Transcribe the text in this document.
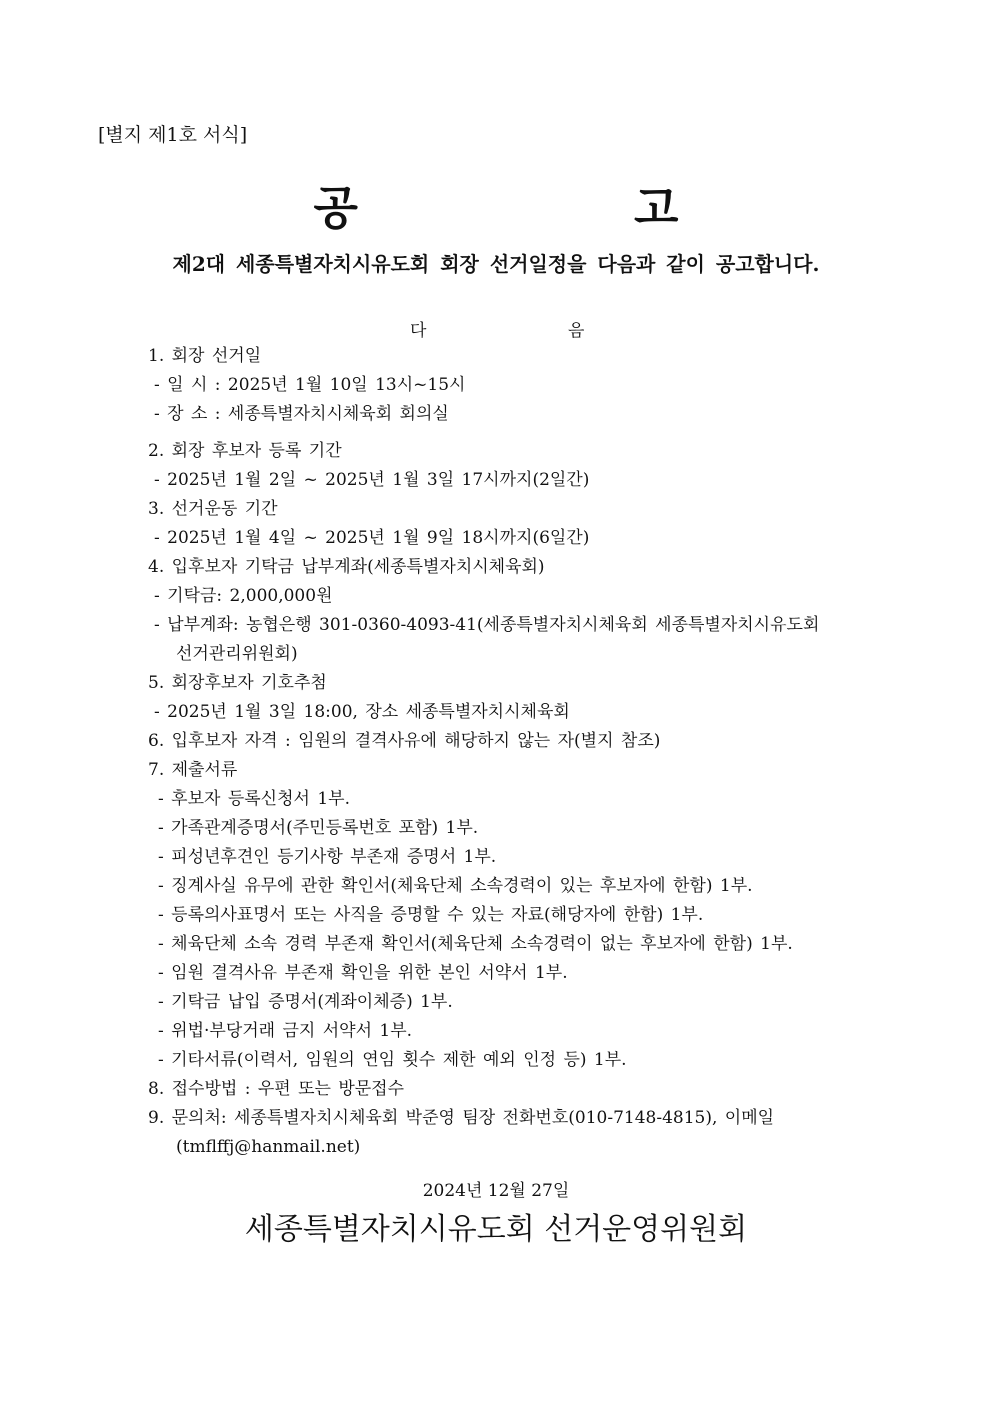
[별지 제1호 서식]
공 고
제2대 세종특별자치시유도회 회장 선거일정을 다음과 같이 공고합니다.
다	음
1. 회장 선거일
- 일 시 : 2025년 1월 10일 13시~15시
- 장 소 : 세종특별자치시체육회 회의실
2. 회장 후보자 등록 기간
- 2025년 1월 2일 ~ 2025년 1월 3일 17시까지(2일간)
3. 선거운동 기간
- 2025년 1월 4일 ~ 2025년 1월 9일 18시까지(6일간)
4. 입후보자 기탁금 납부계좌(세종특별자치시체육회)
- 기탁금: 2,000,000원
- 납부계좌: 농협은행 301-0360-4093-41(세종특별자치시체육회 세종특별자치시유도회
선거관리위원회)
5. 회장후보자 기호추첨
- 2025년 1월 3일 18:00, 장소 세종특별자치시체육회
6. 입후보자 자격 : 임원의 결격사유에 해당하지 않는 자(별지 참조)
7. 제출서류
- 후보자 등록신청서 1부.
- 가족관계증명서(주민등록번호 포함) 1부.
- 피성년후견인 등기사항 부존재 증명서 1부.
- 징계사실 유무에 관한 확인서(체육단체 소속경력이 있는 후보자에 한함) 1부.
- 등록의사표명서 또는 사직을 증명할 수 있는 자료(해당자에 한함) 1부.
- 체육단체 소속 경력 부존재 확인서(체육단체 소속경력이 없는 후보자에 한함) 1부.
- 임원 결격사유 부존재 확인을 위한 본인 서약서 1부.
- 기탁금 납입 증명서(계좌이체증) 1부.
- 위법·부당거래 금지 서약서 1부.
- 기타서류(이력서, 임원의 연임 횟수 제한 예외 인정 등) 1부.
8. 접수방법 : 우편 또는 방문접수
9. 문의처: 세종특별자치시체육회 박준영 팀장 전화번호(010-7148-4815), 이메일
(tmflffj@hanmail.net)
2024년 12월 27일
세종특별자치시유도회 선거운영위원회
